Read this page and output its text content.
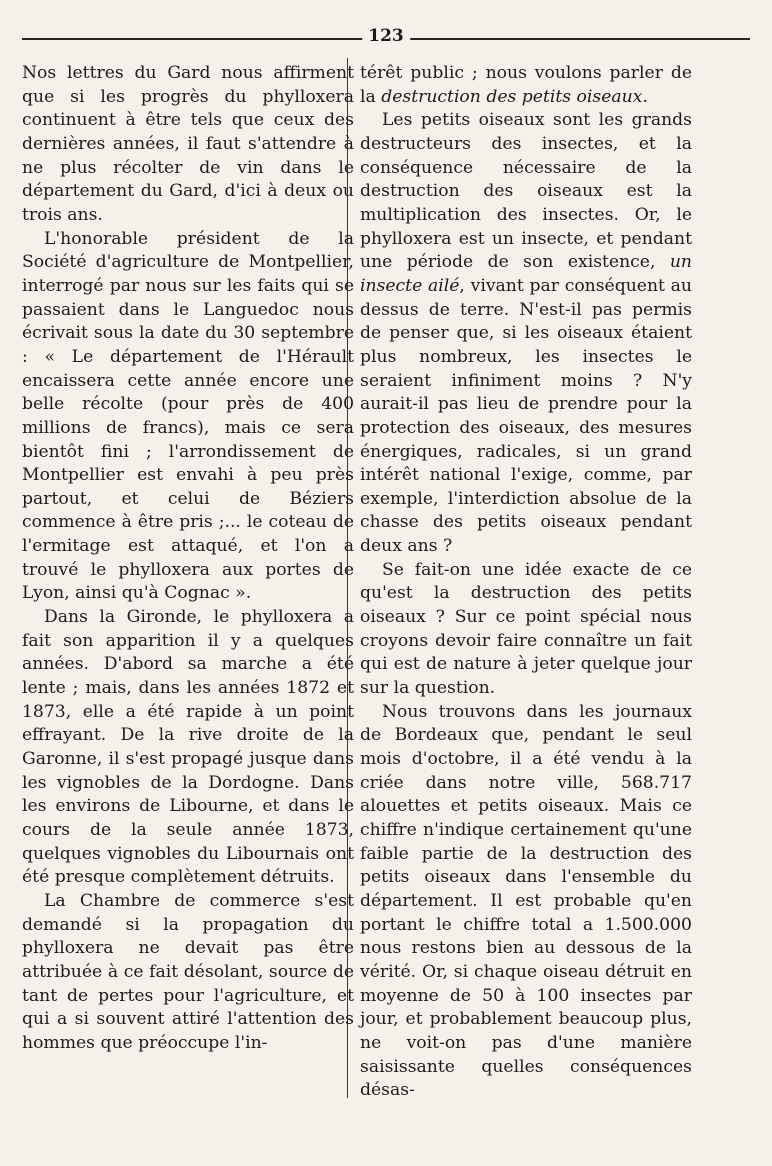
123

Nos lettres du Gard nous affirment que si les progrès du phylloxera continuent à être tels que ceux des dernières années, il faut s'attendre à ne plus récolter de vin dans le département du Gard, d'ici à deux ou trois ans.

L'honorable président de la Société d'agriculture de Montpellier, interrogé par nous sur les faits qui se passaient dans le Languedoc nous écrivait sous la date du 30 septembre : « Le département de l'Hérault encaissera cette année encore une belle récolte (pour près de 400 millions de francs), mais ce sera bientôt fini ; l'arrondissement de Montpellier est envahi à peu près partout, et celui de Béziers commence à être pris ;... le coteau de l'ermitage est attaqué, et l'on a trouvé le phylloxera aux portes de Lyon, ainsi qu'à Cognac ».

Dans la Gironde, le phylloxera a fait son apparition il y a quelques années. D'abord sa marche a été lente ; mais, dans les années 1872 et 1873, elle a été rapide à un point effrayant. De la rive droite de la Garonne, il s'est propagé jusque dans les vignobles de la Dordogne. Dans les environs de Libourne, et dans le cours de la seule année 1873, quelques vignobles du Libournais ont été presque complètement détruits.

La Chambre de commerce s'est demandé si la propagation du phylloxera ne devait pas être attribuée à ce fait désolant, source de tant de pertes pour l'agriculture, et qui a si souvent attiré l'attention des hommes que préoccupe l'in-

térêt public ; nous voulons parler de la destruction des petits oiseaux.

Les petits oiseaux sont les grands destructeurs des insectes, et la conséquence nécessaire de la destruction des oiseaux est la multiplication des insectes. Or, le phylloxera est un insecte, et pendant une période de son existence, un insecte ailé, vivant par conséquent au dessus de terre. N'est-il pas permis de penser que, si les oiseaux étaient plus nombreux, les insectes le seraient infiniment moins ? N'y aurait-il pas lieu de prendre pour la protection des oiseaux, des mesures énergiques, radicales, si un grand intérêt national l'exige, comme, par exemple, l'interdiction absolue de la chasse des petits oiseaux pendant deux ans ?

Se fait-on une idée exacte de ce qu'est la destruction des petits oiseaux ? Sur ce point spécial nous croyons devoir faire connaître un fait qui est de nature à jeter quelque jour sur la question.

Nous trouvons dans les journaux de Bordeaux que, pendant le seul mois d'octobre, il a été vendu à la criée dans notre ville, 568.717 alouettes et petits oiseaux. Mais ce chiffre n'indique certainement qu'une faible partie de la destruction des petits oiseaux dans l'ensemble du département. Il est probable qu'en portant le chiffre total a 1.500.000 nous restons bien au dessous de la vérité. Or, si chaque oiseau détruit en moyenne de 50 à 100 insectes par jour, et probablement beaucoup plus, ne voit-on pas d'une manière saisissante quelles conséquences désas-
